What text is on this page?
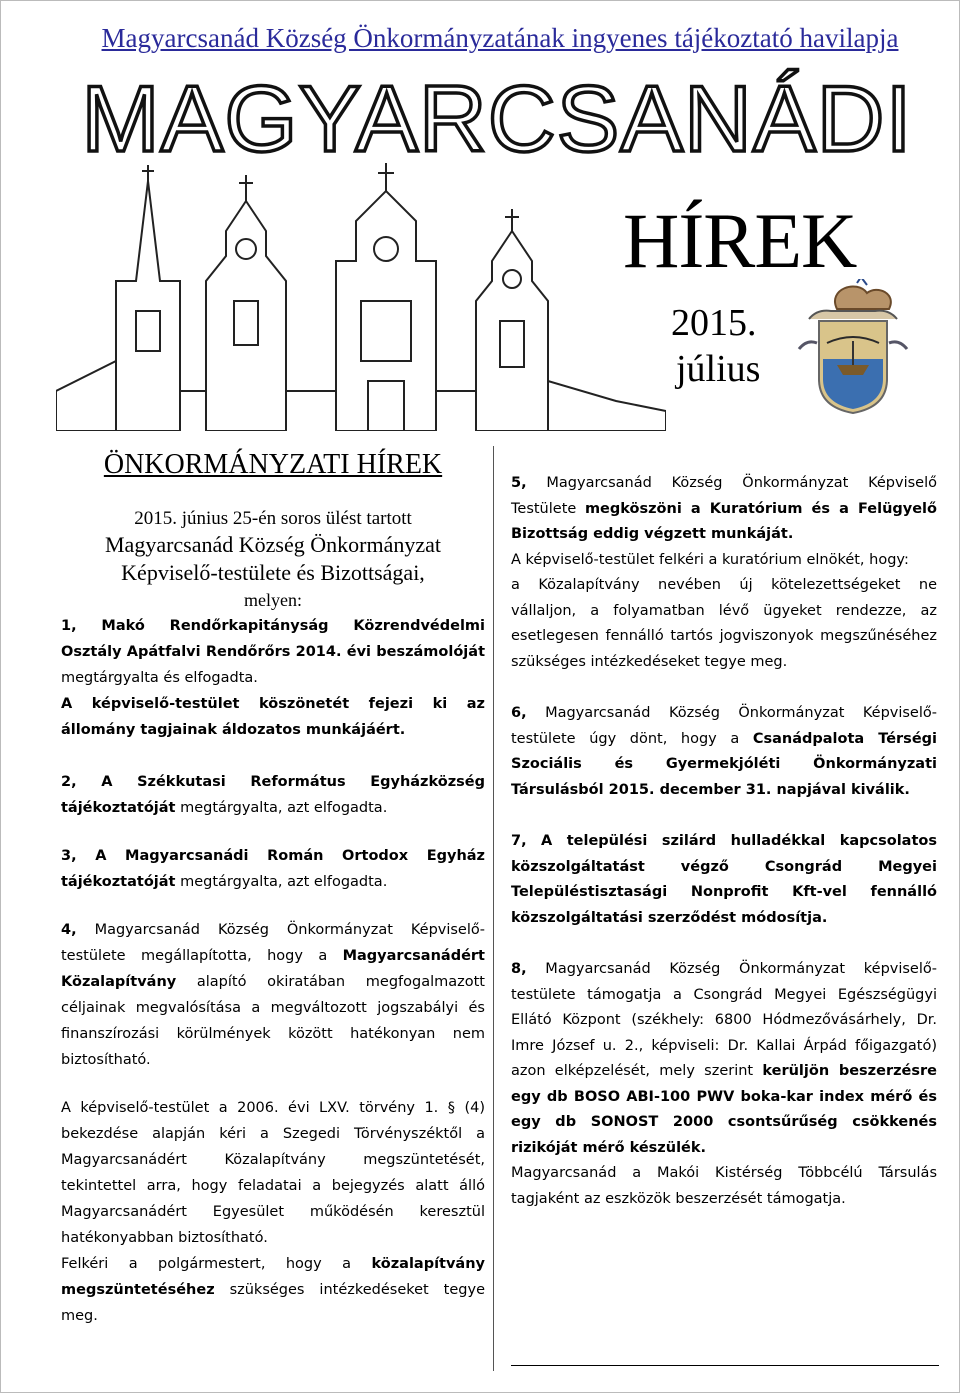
Magyarcsanád Község Önkormányzatának ingyenes tájékoztató havilapja
MAGYARCSANÁDI
HÍREK
2015.
július
ÖNKORMÁNYZATI HÍREK
2015. június 25-én soros ülést tartott
Magyarcsanád Község Önkormányzat
Képviselő-testülete és Bizottságai,
melyen:

1, Makó Rendőrkapitányság Közrendvédelmi Osztály Apátfalvi Rendőrőrs 2014. évi beszámolóját megtárgyalta és elfogadta.

A képviselő-testület köszönetét fejezi ki az állomány tagjainak áldozatos munkájáért.

2, A Székkutasi Református Egyházközség tájékoztatóját megtárgyalta, azt elfogadta.

3, A Magyarcsanádi Román Ortodox Egyház tájékoztatóját megtárgyalta, azt elfogadta.

4, Magyarcsanád Község Önkormányzat Képviselő-testülete megállapította, hogy a Magyarcsanádért Közalapítvány alapító okiratában megfogalmazott céljainak megvalósítása a megváltozott jogszabályi és finanszírozási körülmények között hatékonyan nem biztosítható.

A képviselő-testület a 2006. évi LXV. törvény 1. § (4) bekezdése alapján kéri a Szegedi Törvényszéktől a Magyarcsanádért Közalapítvány megszüntetését, tekintettel arra, hogy feladatai a bejegyzés alatt álló Magyarcsanádért Egyesület működésén keresztül hatékonyabban biztosítható.

Felkéri a polgármestert, hogy a közalapítvány megszüntetéséhez szükséges intézkedéseket tegye meg.

5, Magyarcsanád Község Önkormányzat Képviselő Testülete megköszöni a Kuratórium és a Felügyelő Bizottság eddig végzett munkáját.

A képviselő-testület felkéri a kuratórium elnökét, hogy:

a Közalapítvány nevében új kötelezettségeket ne vállaljon, a folyamatban lévő ügyeket rendezze, az esetlegesen fennálló tartós jogviszonyok megszűnéséhez szükséges intézkedéseket tegye meg.

6, Magyarcsanád Község Önkormányzat Képviselő-testülete úgy dönt, hogy a Csanádpalota Térségi Szociális és Gyermekjóléti Önkormányzati Társulásból 2015. december 31. napjával kiválik.

7, A települési szilárd hulladékkal kapcsolatos közszolgáltatást végző Csongrád Megyei Településtisztasági Nonprofit Kft-vel fennálló közszolgáltatási szerződést módosítja.

8, Magyarcsanád Község Önkormányzat képviselő-testülete támogatja a Csongrád Megyei Egészségügyi Ellátó Központ (székhely: 6800 Hódmezővásárhely, Dr. Imre József u. 2., képviseli: Dr. Kallai Árpád főigazgató) azon elképzelését, mely szerint kerüljön beszerzésre egy db BOSO ABI-100 PWV boka-kar index mérő és egy db SONOST 2000 csontsűrűség csökkenés rizikóját mérő készülék.

Magyarcsanád a Makói Kistérség Többcélú Társulás tagjaként az eszközök beszerzését támogatja.
